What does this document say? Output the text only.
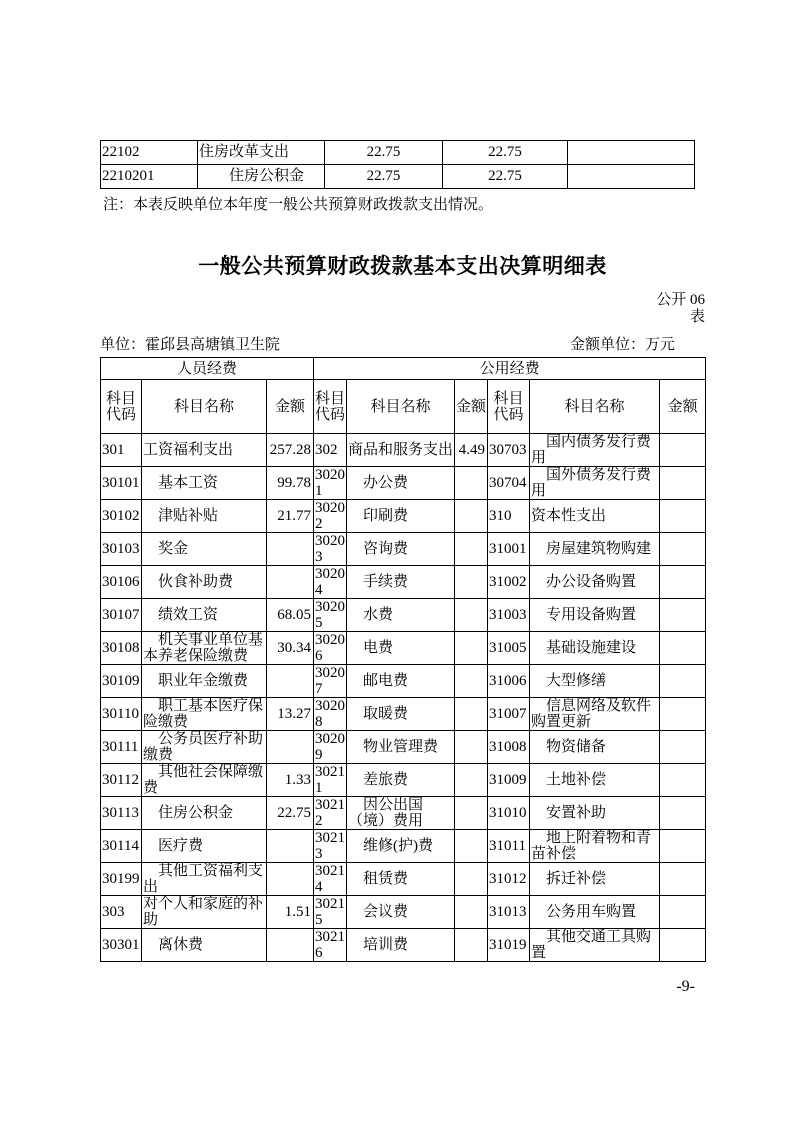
22102	住房改革支出	22.75	22.75	
2210201	　　住房公积金	22.75	22.75	
注：本表反映单位本年度一般公共预算财政拨款支出情况。
一般公共预算财政拨款基本支出决算明细表
公开 06
表
单位：霍邱县高塘镇卫生院	金额单位：万元
人员经费			公用经费					
科目代码	科目名称	金额	科目代码	科目名称	金额	科目代码	科目名称	金额
301	工资福利支出	257.28	302	商品和服务支出	4.49	30703	　国内债务发行费用	
30101	　基本工资	99.78	30201	　办公费		30704	　国外债务发行费用	
30102	　津贴补贴	21.77	30202	　印刷费		310	资本性支出	
30103	　奖金		30203	　咨询费		31001	　房屋建筑物购建	
30106	　伙食补助费		30204	　手续费		31002	　办公设备购置	
30107	　绩效工资	68.05	30205	　水费		31003	　专用设备购置	
30108	　机关事业单位基本养老保险缴费	30.34	30206	　电费		31005	　基础设施建设	
30109	　职业年金缴费		30207	　邮电费		31006	　大型修缮	
30110	　职工基本医疗保险缴费	13.27	30208	　取暖费		31007	　信息网络及软件购置更新	
30111	　公务员医疗补助缴费		30209	　物业管理费		31008	　物资储备	
30112	　其他社会保障缴费	1.33	30211	　差旅费		31009	　土地补偿	
30113	　住房公积金	22.75	30212	　因公出国（境）费用		31010	　安置补助	
30114	　医疗费		30213	　维修(护)费		31011	　地上附着物和青苗补偿	
30199	　其他工资福利支出		30214	　租赁费		31012	　拆迁补偿	
303	对个人和家庭的补助	1.51	30215	　会议费		31013	　公务用车购置	
30301	　离休费		30216	　培训费		31019	　其他交通工具购置	
-9-
